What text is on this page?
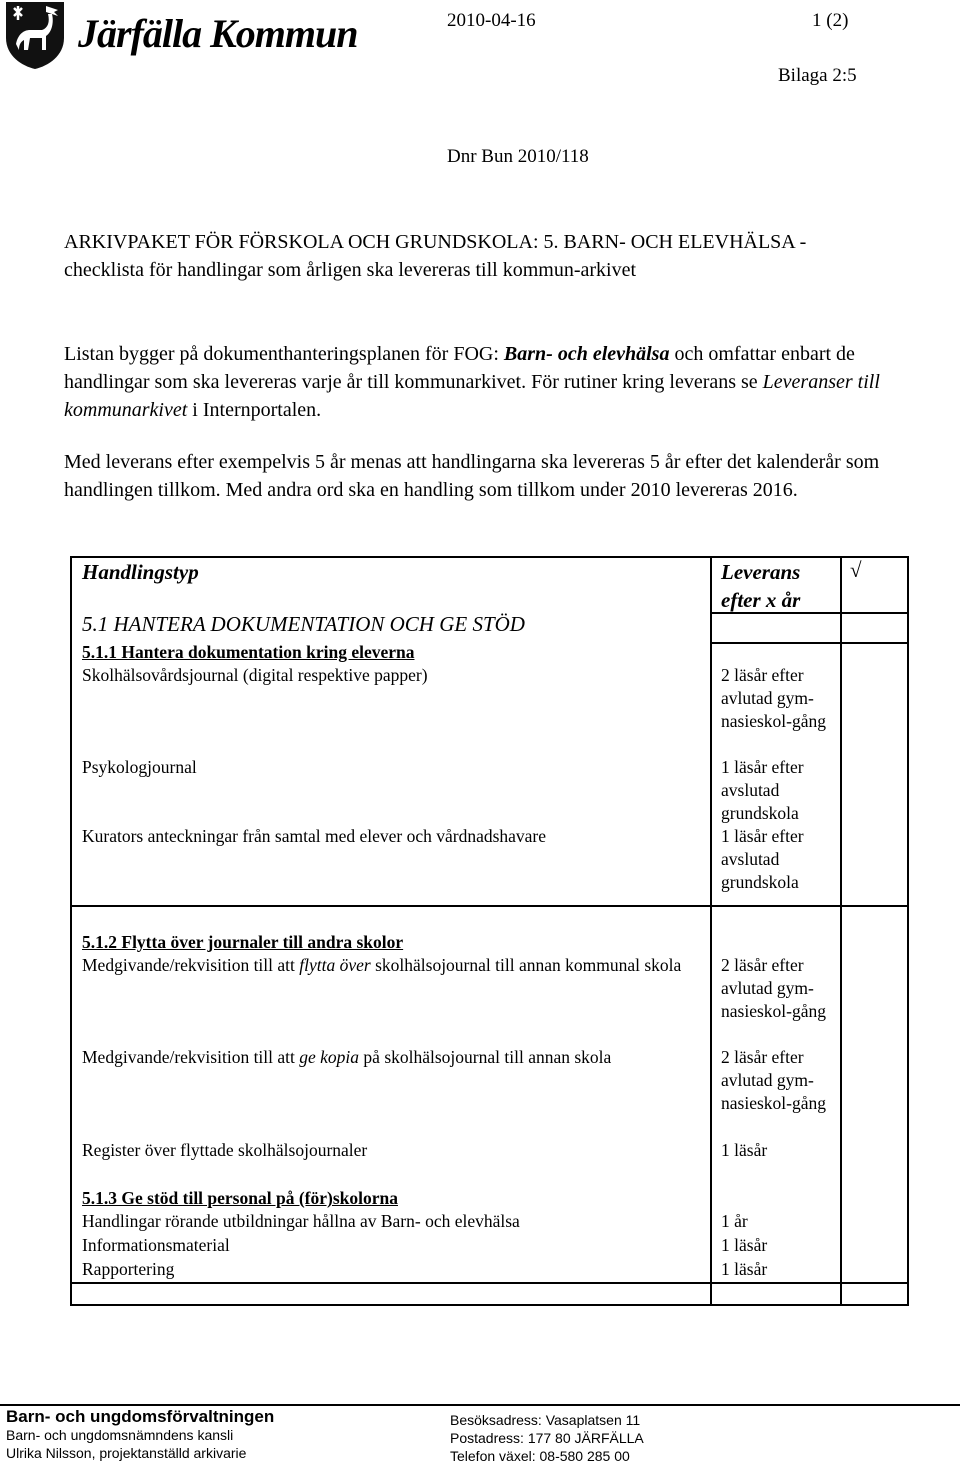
Järfälla Kommun	2010-04-16	1 (2)
Bilaga 2:5
Dnr Bun 2010/118
ARKIVPAKET FÖR FÖRSKOLA OCH GRUNDSKOLA: 5. BARN- OCH ELEVHÄLSA - checklista för handlingar som årligen ska levereras till kommun-arkivet
Listan bygger på dokumenthanteringsplanen för FOG: Barn- och elevhälsa och omfattar enbart de handlingar som ska levereras varje år till kommunarkivet. För rutiner kring leverans se Leveranser till kommunarkivet i Internportalen.
Med leverans efter exempelvis 5 år menas att handlingarna ska levereras 5 år efter det kalenderår som handlingen tillkom. Med andra ord ska en handling som tillkom under 2010 levereras 2016.
Handlingstyp	Leverans efter x år
√
5.1 HANTERA DOKUMENTATION OCH GE STÖD
5.1.1 Hantera dokumentation kring eleverna
Skolhälsovårdsjournal (digital respektive papper)	2 läsår efter avlutad gym-nasieskol-gång
Psykologjournal	1 läsår efter avslutad grundskola
Kurators anteckningar från samtal med elever och vårdnadshavare	1 läsår efter avslutad grundskola
5.1.2 Flytta över journaler till andra skolor
Medgivande/rekvisition till att flytta över skolhälsojournal till annan kommunal skola 2 läsår efter avlutad gym-nasieskol-gång
Medgivande/rekvisition till att ge kopia på skolhälsojournal till annan skola	2 läsår efter avlutad gym-nasieskol-gång
Register över flyttade skolhälsojournaler	1 läsår
5.1.3 Ge stöd till personal på (för)skolorna
Handlingar rörande utbildningar hållna av Barn- och elevhälsa	1 år
Informationsmaterial	1 läsår
Rapportering	1 läsår
Barn- och ungdomsförvaltningen
Barn- och ungdomsnämndens kansli
Ulrika Nilsson, projektanställd arkivarie
Besöksadress: Vasaplatsen 11
Postadress: 177 80 JÄRFÄLLA
Telefon växel: 08-580 285 00
